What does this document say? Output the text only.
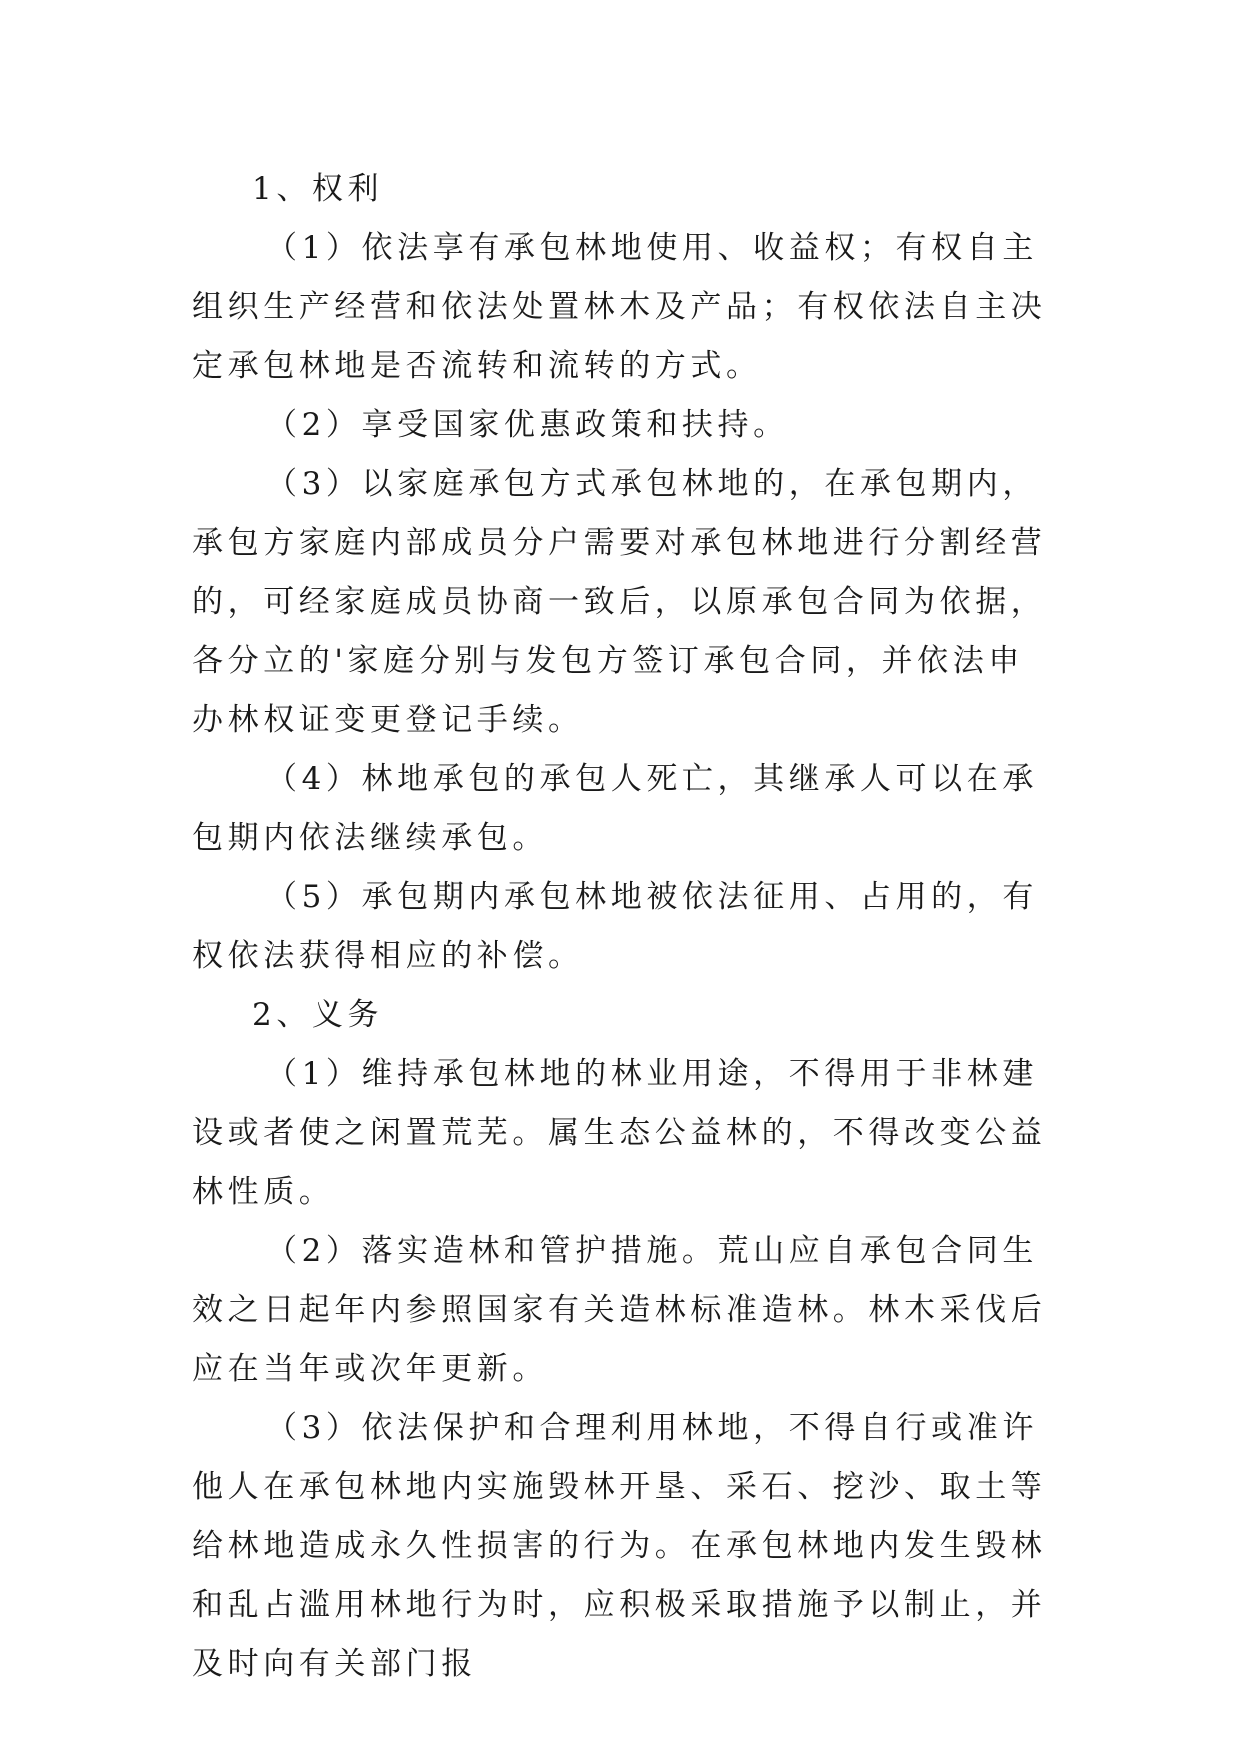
1、权利

（1）依法享有承包林地使用、收益权；有权自主组织生产经营和依法处置林木及产品；有权依法自主决定承包林地是否流转和流转的方式。

（2）享受国家优惠政策和扶持。

（3）以家庭承包方式承包林地的，在承包期内，承包方家庭内部成员分户需要对承包林地进行分割经营的，可经家庭成员协商一致后，以原承包合同为依据，各分立的'家庭分别与发包方签订承包合同，并依法申办林权证变更登记手续。

（4）林地承包的承包人死亡，其继承人可以在承包期内依法继续承包。

（5）承包期内承包林地被依法征用、占用的，有权依法获得相应的补偿。

2、义务

（1）维持承包林地的林业用途，不得用于非林建设或者使之闲置荒芜。属生态公益林的，不得改变公益林性质。

（2）落实造林和管护措施。荒山应自承包合同生效之日起年内参照国家有关造林标准造林。林木采伐后应在当年或次年更新。

（3）依法保护和合理利用林地，不得自行或准许他人在承包林地内实施毁林开垦、采石、挖沙、取土等给林地造成永久性损害的行为。在承包林地内发生毁林和乱占滥用林地行为时，应积极采取措施予以制止，并及时向有关部门报
